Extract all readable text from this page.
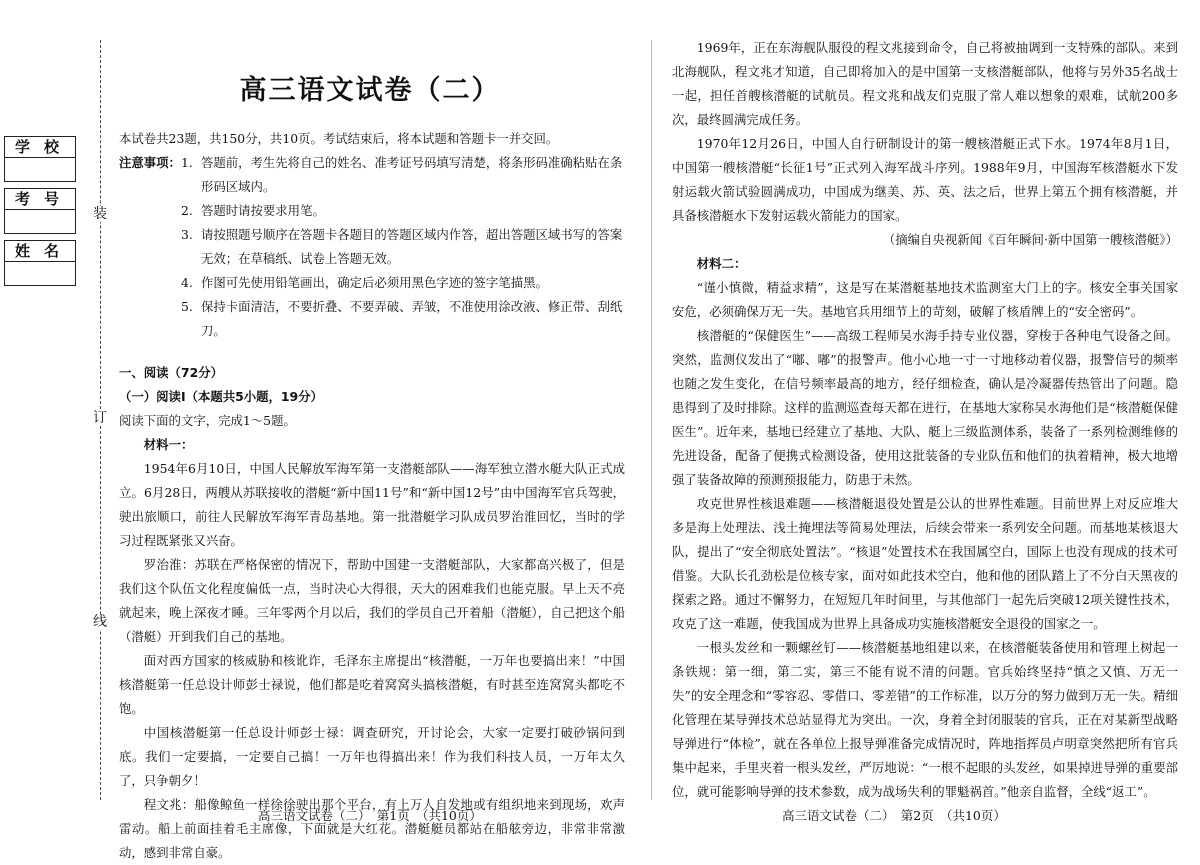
学校
考号
姓名
装
订
线
高三语文试卷（二）

本试卷共23题，共150分，共10页。考试结束后，将本试题和答题卡一并交回。

注意事项： 1. 答题前，考生先将自己的姓名、准考证号码填写清楚，将条形码准确粘贴在条形码区域内。
2. 答题时请按要求用笔。
3. 请按照题号顺序在答题卡各题目的答题区域内作答，超出答题区域书写的答案无效；在草稿纸、试卷上答题无效。
4. 作图可先使用铅笔画出，确定后必须用黑色字迹的签字笔描黑。
5. 保持卡面清洁，不要折叠、不要弄破、弄皱，不准使用涂改液、修正带、刮纸刀。
一、阅读（72分）
（一）阅读Ⅰ（本题共5小题，19分）

阅读下面的文字，完成1～5题。

材料一：

1954年6月10日，中国人民解放军海军第一支潜艇部队——海军独立潜水艇大队正式成立。6月28日，两艘从苏联接收的潜艇“新中国11号”和“新中国12号”由中国海军官兵驾驶，驶出旅顺口，前往人民解放军海军青岛基地。第一批潜艇学习队成员罗治淮回忆，当时的学习过程既紧张又兴奋。

罗治淮：苏联在严格保密的情况下，帮助中国建一支潜艇部队，大家都高兴极了，但是我们这个队伍文化程度偏低一点，当时决心大得很，天大的困难我们也能克服。早上天不亮就起来，晚上深夜才睡。三年零两个月以后，我们的学员自己开着船（潜艇），自己把这个船（潜艇）开到我们自己的基地。

面对西方国家的核威胁和核讹诈，毛泽东主席提出“核潜艇，一万年也要搞出来！”中国核潜艇第一任总设计师彭士禄说，他们都是吃着窝窝头搞核潜艇，有时甚至连窝窝头都吃不饱。

中国核潜艇第一任总设计师彭士禄：调查研究，开讨论会，大家一定要打破砂锅问到底。我们一定要搞，一定要自己搞！一万年也得搞出来！作为我们科技人员，一万年太久了，只争朝夕！

程文兆：船像鲸鱼一样徐徐驶出那个平台，有上万人自发地或有组织地来到现场，欢声雷动。船上前面挂着毛主席像，下面就是大红花。潜艇艇员都站在船舷旁边，非常非常激动，感到非常自豪。

高三语文试卷（二）　第1页　（共10页）

1969年，正在东海舰队服役的程文兆接到命令，自己将被抽调到一支特殊的部队。来到北海舰队，程文兆才知道，自己即将加入的是中国第一支核潜艇部队，他将与另外35名战士一起，担任首艘核潜艇的试航员。程文兆和战友们克服了常人难以想象的艰难，试航200多次，最终圆满完成任务。

1970年12月26日，中国人自行研制设计的第一艘核潜艇正式下水。1974年8月1日，中国第一艘核潜艇“长征1号”正式列入海军战斗序列。1988年9月，中国海军核潜艇水下发射运载火箭试验圆满成功，中国成为继美、苏、英、法之后，世界上第五个拥有核潜艇，并具备核潜艇水下发射运载火箭能力的国家。

（摘编自央视新闻《百年瞬间·新中国第一艘核潜艇》）

材料二：

“谨小慎微，精益求精”，这是写在某潜艇基地技术监测室大门上的字。核安全事关国家安危，必须确保万无一失。基地官兵用细节上的苛刻，破解了核盾牌上的“安全密码”。

核潜艇的“保健医生”——高级工程师吴水海手持专业仪器，穿梭于各种电气设备之间。突然，监测仪发出了“嘟、嘟”的报警声。他小心地一寸一寸地移动着仪器，报警信号的频率也随之发生变化，在信号频率最高的地方，经仔细检查，确认是冷凝器传热管出了问题。隐患得到了及时排除。这样的监测巡查每天都在进行，在基地大家称吴水海他们是“核潜艇保健医生”。近年来，基地已经建立了基地、大队、艇上三级监测体系，装备了一系列检测维修的先进设备，配备了便携式检测设备，使用这批装备的专业队伍和他们的执着精神，极大地增强了装备故障的预测预报能力，防患于未然。

攻克世界性核退难题——核潜艇退役处置是公认的世界性难题。目前世界上对反应堆大多是海上处理法、浅土掩埋法等简易处理法，后续会带来一系列安全问题。而基地某核退大队，提出了“安全彻底处置法”。“核退”处置技术在我国属空白，国际上也没有现成的技术可借鉴。大队长孔劲松是位核专家，面对如此技术空白，他和他的团队踏上了不分白天黑夜的探索之路。通过不懈努力，在短短几年时间里，与其他部门一起先后突破12项关键性技术，攻克了这一难题，使我国成为世界上具备成功实施核潜艇安全退役的国家之一。

一根头发丝和一颗螺丝钉——核潜艇基地组建以来，在核潜艇装备使用和管理上树起一条铁规：第一细，第二实，第三不能有说不清的问题。官兵始终坚持“慎之又慎、万无一失”的安全理念和“零容忍、零借口、零差错”的工作标准，以万分的努力做到万无一失。精细化管理在某导弹技术总站显得尤为突出。一次，身着全封闭服装的官兵，正在对某新型战略导弹进行“体检”，就在各单位上报导弹准备完成情况时，阵地指挥员卢明章突然把所有官兵集中起来，手里夹着一根头发丝，严厉地说：“一根不起眼的头发丝，如果掉进导弹的重要部位，就可能影响导弹的技术参数，成为战场失利的罪魁祸首。”他亲自监督，全线“返工”。

高三语文试卷（二）　第2页　（共10页）
